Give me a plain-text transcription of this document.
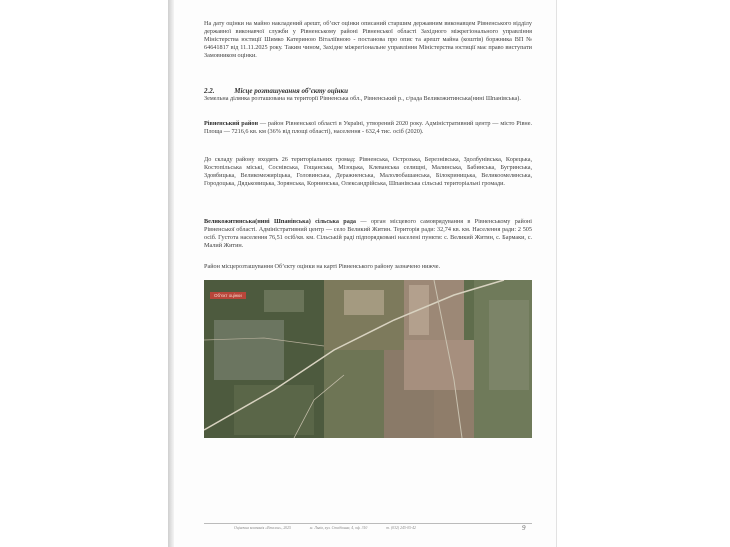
На дату оцінки на майно накладений арешт, об’єкт оцінки описаний старшим державним виконавцем Рівненського відділу державної виконавчої служби у Рівненському районі Рівненської області Західного міжрегіонального управління Міністерства юстиції Шимко Катериною Віталіївною - постанова про опис та арешт майна (коштів) боржника ВП № 64641817 від 11.11.2025 року. Таким чином, Західне міжрегіональне управління Міністерства юстиції має право виступати Замовником оцінки.
2.2.	Місце розташування об’єкту оцінки
Земельна ділянка розташована на території Рівненська обл., Рівненський р., с/рада Великожитинська(нині Шпанівська).
Рівненський район — район Рівненської області в Україні, утворений 2020 року. Адміністративний центр — місто Рівне. Площа — 7216,6 кв. км (36% від площі області), населення - 632,4 тис. осіб (2020).
До складу району входять 26 територіальних громад: Рівненська, Острозька, Березнівська, Здолбунівська, Корецька, Костопільська міські, Соснівська, Гощанська, Мізоцька, Клеванська селищні, Малинська, Бабинська, Бугринська, Здовбицька, Великомежиріцька, Головинська, Деражненська, Малолюбашанська, Білокриницька, Великоомелянська, Городоцька, Дядьковицька, Зорянська, Корнинська, Олександрійська, Шпанівська сільські територіальні громади.
Великожитинська(нині Шпанівська) сільська рада — орган місцевого самоврядування в Рівненському районі Рівненської області. Адміністративний центр — село Великий Житин. Територія ради: 32,74 кв. км. Населення ради: 2 505 осіб. Густота населення 76,51 осіб/кв. км. Сільській раді підпорядковані населені пункти: с. Великий Житин, с. Бармаки, с. Малий Житин.
Район місцерозташування Об’єкту оцінки на карті Рівненського району зазначено нижче.
Об’єкт оцінки
Оціночна компанія «Еталон», 2025	м. Львів, вул. Стадіонна, 4, оф. 310	т. (032) 245-05-42	9
